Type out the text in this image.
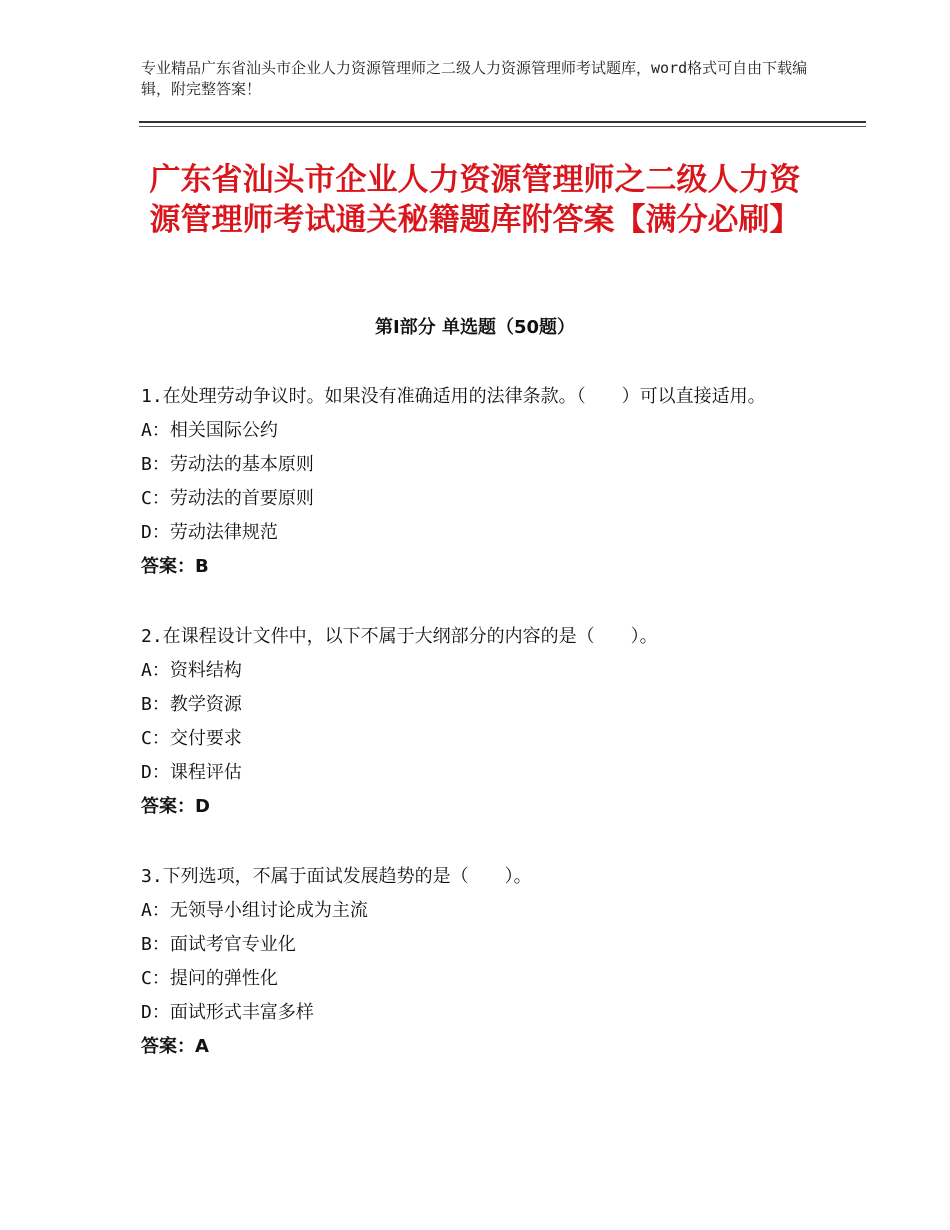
专业精品广东省汕头市企业人力资源管理师之二级人力资源管理师考试题库，word格式可自由下载编辑，附完整答案！
广东省汕头市企业人力资源管理师之二级人力资源管理师考试通关秘籍题库附答案【满分必刷】
第Ⅰ部分 单选题（50题）

1.在处理劳动争议时。如果没有准确适用的法律条款。（　　）可以直接适用。

A：相关国际公约

B：劳动法的基本原则

C：劳动法的首要原则

D：劳动法律规范

答案：B

2.在课程设计文件中，以下不属于大纲部分的内容的是（　　）。

A：资料结构

B：教学资源

C：交付要求

D：课程评估

答案：D

3.下列选项，不属于面试发展趋势的是（　　）。

A：无领导小组讨论成为主流

B：面试考官专业化

C：提问的弹性化

D：面试形式丰富多样

答案：A
